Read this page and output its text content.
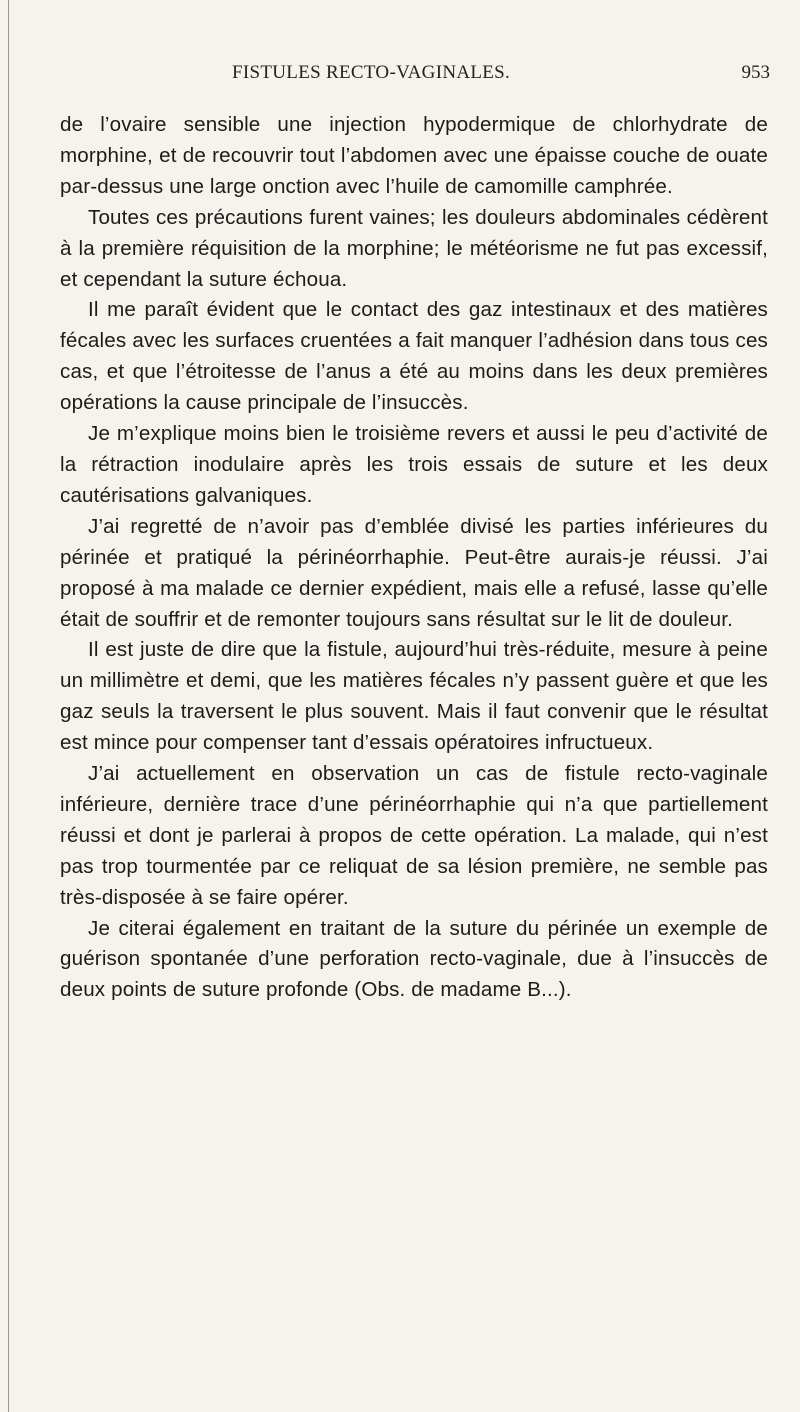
FISTULES RECTO-VAGINALES.	953

de l’ovaire sensible une injection hypodermique de chlorhydrate de morphine, et de recouvrir tout l’abdomen avec une épaisse couche de ouate par-dessus une large onction avec l’huile de camomille camphrée.

Toutes ces précautions furent vaines; les douleurs abdominales cédèrent à la première réquisition de la morphine; le météorisme ne fut pas excessif, et cependant la suture échoua.

Il me paraît évident que le contact des gaz intestinaux et des matières fécales avec les surfaces cruentées a fait manquer l’adhésion dans tous ces cas, et que l’étroitesse de l’anus a été au moins dans les deux premières opérations la cause principale de l’insuccès.

Je m’explique moins bien le troisième revers et aussi le peu d’activité de la rétraction inodulaire après les trois essais de suture et les deux cautérisations galvaniques.

J’ai regretté de n’avoir pas d’emblée divisé les parties inférieures du périnée et pratiqué la périnéorrhaphie. Peut-être aurais-je réussi. J’ai proposé à ma malade ce dernier expédient, mais elle a refusé, lasse qu’elle était de souffrir et de remonter toujours sans résultat sur le lit de douleur.

Il est juste de dire que la fistule, aujourd’hui très-réduite, mesure à peine un millimètre et demi, que les matières fécales n’y passent guère et que les gaz seuls la traversent le plus souvent. Mais il faut convenir que le résultat est mince pour compenser tant d’essais opératoires infructueux.

J’ai actuellement en observation un cas de fistule recto-vaginale inférieure, dernière trace d’une périnéorrhaphie qui n’a que partiellement réussi et dont je parlerai à propos de cette opération. La malade, qui n’est pas trop tourmentée par ce reliquat de sa lésion première, ne semble pas très-disposée à se faire opérer.

Je citerai également en traitant de la suture du périnée un exemple de guérison spontanée d’une perforation recto-vaginale, due à l’insuccès de deux points de suture profonde (Obs. de madame B...).
